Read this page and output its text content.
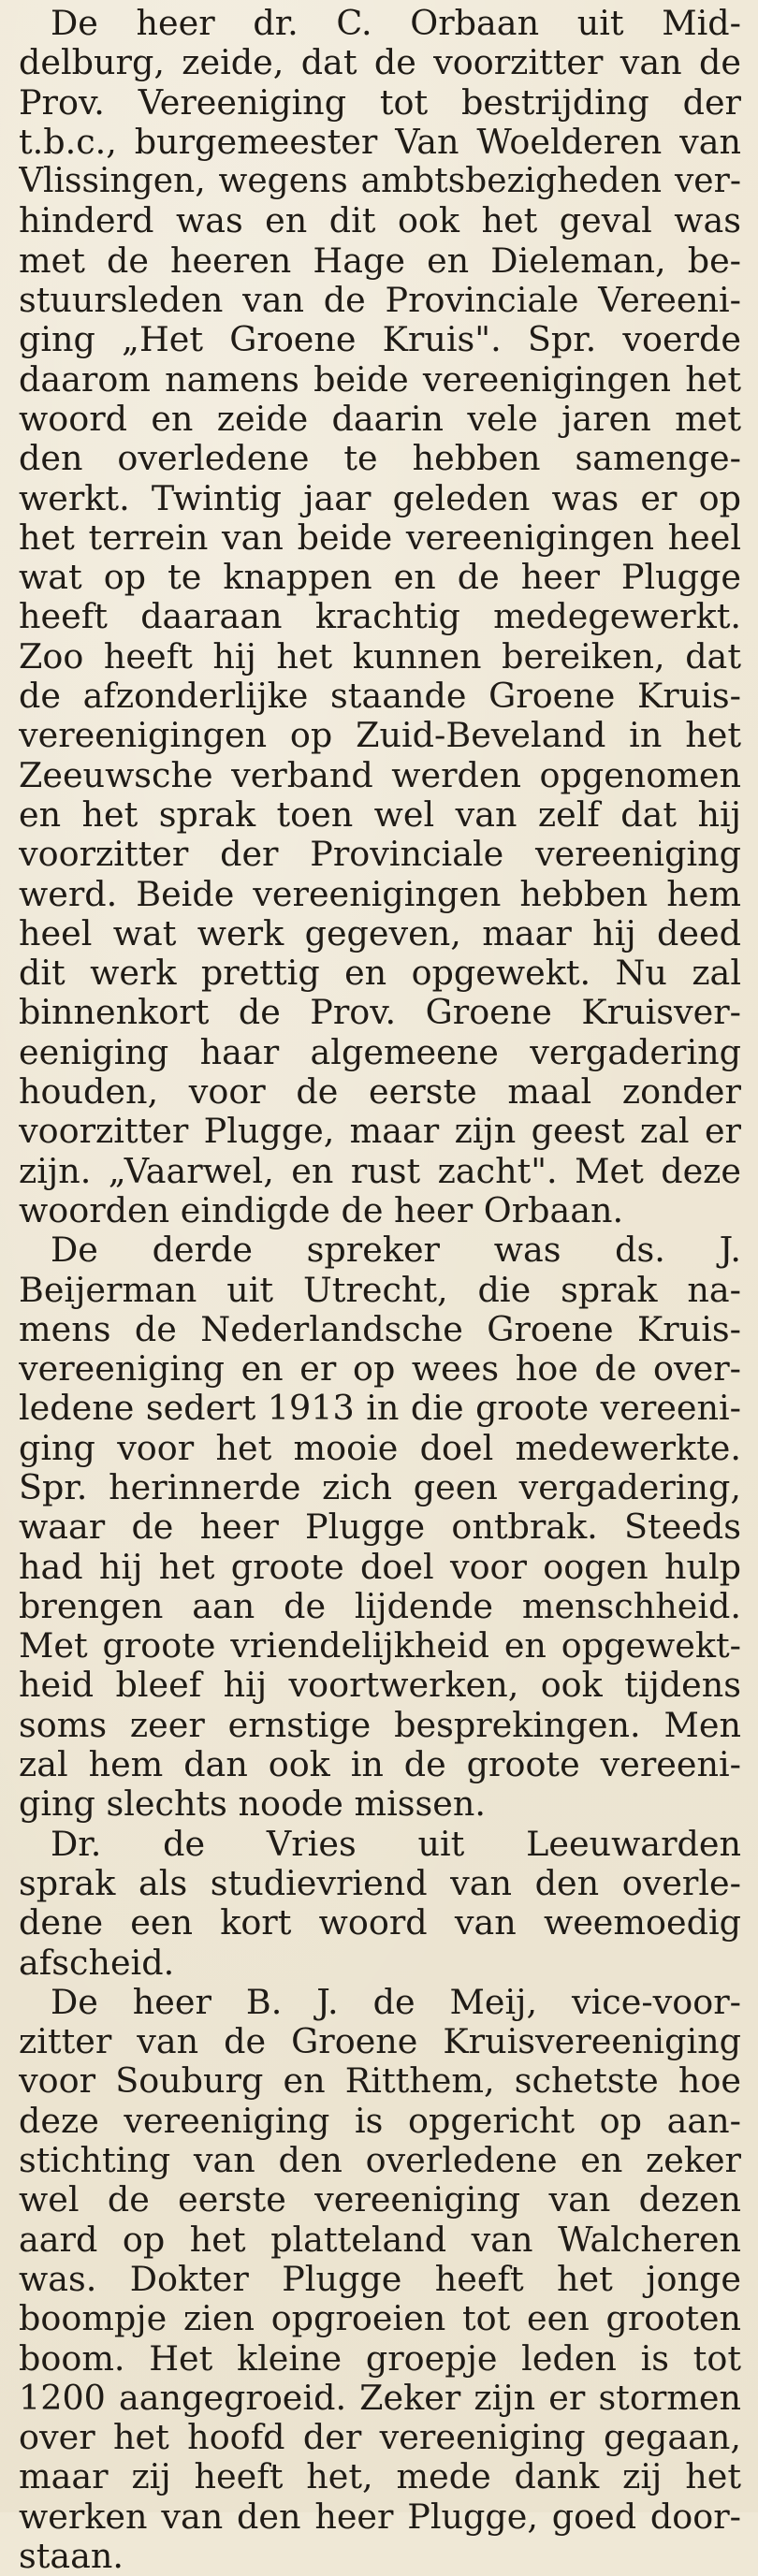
De heer dr. C. Orbaan uit Mid-
delburg, zeide, dat de voorzitter van de
Prov. Vereeniging tot bestrijding der
t.b.c., burgemeester Van Woelderen van
Vlissingen, wegens ambtsbezigheden ver-
hinderd was en dit ook het geval was
met de heeren Hage en Dieleman, be-
stuursleden van de Provinciale Vereeni-
ging „Het Groene Kruis". Spr. voerde
daarom namens beide vereenigingen het
woord en zeide daarin vele jaren met
den overledene te hebben samenge-
werkt. Twintig jaar geleden was er op
het terrein van beide vereenigingen heel
wat op te knappen en de heer Plugge
heeft daaraan krachtig medegewerkt.
Zoo heeft hij het kunnen bereiken, dat
de afzonderlijke staande Groene Kruis-
vereenigingen op Zuid-Beveland in het
Zeeuwsche verband werden opgenomen
en het sprak toen wel van zelf dat hij
voorzitter der Provinciale vereeniging
werd. Beide vereenigingen hebben hem
heel wat werk gegeven, maar hij deed
dit werk prettig en opgewekt. Nu zal
binnenkort de Prov. Groene Kruisver-
eeniging haar algemeene vergadering
houden, voor de eerste maal zonder
voorzitter Plugge, maar zijn geest zal er
zijn. „Vaarwel, en rust zacht". Met deze
woorden eindigde de heer Orbaan.
De derde spreker was ds. J.
Beijerman uit Utrecht, die sprak na-
mens de Nederlandsche Groene Kruis-
vereeniging en er op wees hoe de over-
ledene sedert 1913 in die groote vereeni-
ging voor het mooie doel medewerkte.
Spr. herinnerde zich geen vergadering,
waar de heer Plugge ontbrak. Steeds
had hij het groote doel voor oogen hulp
brengen aan de lijdende menschheid.
Met groote vriendelijkheid en opgewekt-
heid bleef hij voortwerken, ook tijdens
soms zeer ernstige besprekingen. Men
zal hem dan ook in de groote vereeni-
ging slechts noode missen.
Dr. de Vries uit Leeuwarden
sprak als studievriend van den overle-
dene een kort woord van weemoedig
afscheid.
De heer B. J. de Meij, vice-voor-
zitter van de Groene Kruisvereeniging
voor Souburg en Ritthem, schetste hoe
deze vereeniging is opgericht op aan-
stichting van den overledene en zeker
wel de eerste vereeniging van dezen
aard op het platteland van Walcheren
was. Dokter Plugge heeft het jonge
boompje zien opgroeien tot een grooten
boom. Het kleine groepje leden is tot
1200 aangegroeid. Zeker zijn er stormen
over het hoofd der vereeniging gegaan,
maar zij heeft het, mede dank zij het
werken van den heer Plugge, goed door-
staan.
